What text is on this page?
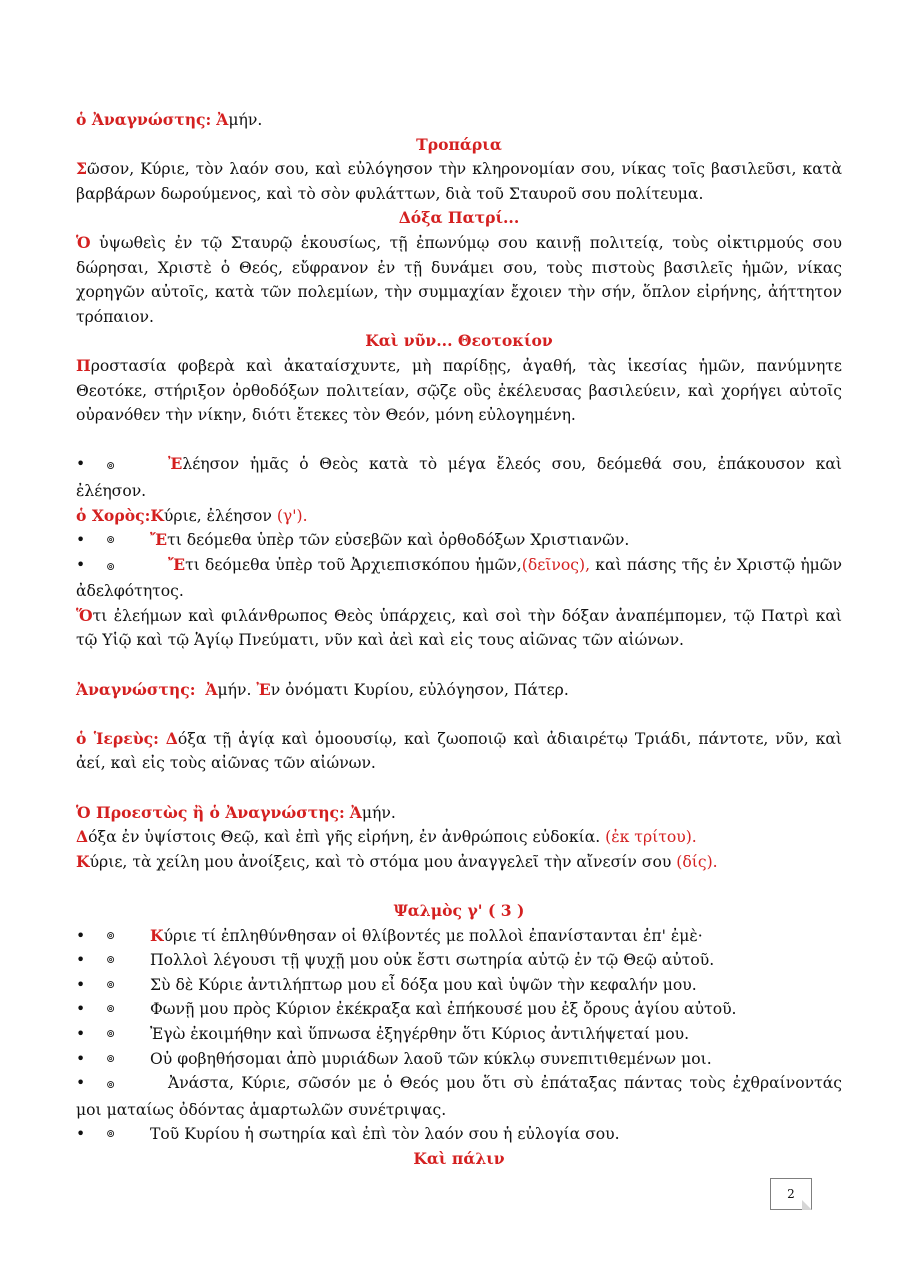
ὁ Ἀναγνώστης: Ἀμήν.

Τροπάρια

Σῶσον, Κύριε, τὸν λαόν σου, καὶ εὐλόγησον τὴν κληρονομίαν σου, νίκας τοῖς βασιλεῦσι, κατὰ βαρβάρων δωρούμενος, καὶ τὸ σὸν φυλάττων, διὰ τοῦ Σταυροῦ σου πολίτευμα.

Δόξα Πατρί...

Ὁ ὑψωθεὶς ἐν τῷ Σταυρῷ ἑκουσίως, τῇ ἐπωνύμῳ σου καινῇ πολιτείᾳ, τοὺς οἰκτιρμούς σου δώρησαι, Χριστὲ ὁ Θεός, εὔφρανον ἐν τῇ δυνάμει σου, τοὺς πιστοὺς βασιλεῖς ἡμῶν, νίκας χορηγῶν αὐτοῖς, κατὰ τῶν πολεμίων, τὴν συμμαχίαν ἔχοιεν τὴν σήν, ὅπλον εἰρήνης, ἀήττητον τρόπαιον.

Καὶ νῦν... Θεοτοκίον

Προστασία φοβερὰ καὶ ἀκαταίσχυντε, μὴ παρίδῃς, ἀγαθή, τὰς ἱκεσίας ἡμῶν, πανύμνητε Θεοτόκε, στήριξον ὀρθοδόξων πολιτείαν, σῷζε οὓς ἐκέλευσας βασιλεύειν, καὶ χορήγει αὐτοῖς οὐρανόθεν τὴν νίκην, διότι ἔτεκες τὸν Θεόν, μόνη εὐλογημένη.

• ⊚	Ἐλέησον ἡμᾶς ὁ Θεὸς κατὰ τὸ μέγα ἔλεός σου, δεόμεθά σου, ἐπάκουσον καὶ ἐλέησον.

ὁ Χορὸς:Kύριε, ἐλέησον (γ').

•	⊚	Ἔτι δεόμεθα ὑπὲρ τῶν εὐσεβῶν καὶ ὀρθοδόξων Χριστιανῶν.

• ⊚	Ἔτι δεόμεθα ὑπὲρ τοῦ Ἀρχιεπισκόπου ἡμῶν,(δεῖνος), καὶ πάσης τῆς ἐν Χριστῷ ἡμῶν ἀδελφότητος.

Ὅτι ἐλεήμων καὶ φιλάνθρωπος Θεὸς ὑπάρχεις, καὶ σοὶ τὴν δόξαν ἀναπέμπομεν, τῷ Πατρὶ καὶ τῷ Υἱῷ καὶ τῷ Ἁγίῳ Πνεύματι, νῦν καὶ ἀεὶ καὶ εἰς τους αἰῶνας τῶν αἰώνων.

Ἀναγνώστης: Ἀμήν. Ἐν ὀνόματι Κυρίου, εὐλόγησον, Πάτερ.

ὁ Ἱερεὺς: Δόξα τῇ ἁγίᾳ καὶ ὁμοουσίῳ, καὶ ζωοποιῷ καὶ ἀδιαιρέτῳ Τριάδι, πάντοτε, νῦν, καὶ ἀεί, καὶ εἰς τοὺς αἰῶνας τῶν αἰώνων.

Ὁ Προεστὼς ἢ ὁ Ἀναγνώστης: Ἀμήν.

Δόξα ἐν ὑψίστοις Θεῷ, καὶ ἐπὶ γῆς εἰρήνη, ἐν ἀνθρώποις εὐδοκία. (ἐκ τρίτου).

Kύριε, τὰ χείλη μου ἀνοίξεις, καὶ τὸ στόμα μου ἀναγγελεῖ τὴν αἴνεσίν σου (δίς).

Ψαλμὸς γ' ( 3 )

•	⊚	Kύριε τί ἐπληθύνθησαν οἱ θλίβοντές με πολλοὶ ἐπανίστανται ἐπ' ἐμὲ·
•	⊚	Πολλοὶ λέγουσι τῇ ψυχῇ μου οὐκ ἔστι σωτηρία αὐτῷ ἐν τῷ Θεῷ αὐτοῦ.
•	⊚	Σὺ δὲ Κύριε ἀντιλήπτωρ μου εἶ δόξα μου καὶ ὑψῶν τὴν κεφαλήν μου.
•	⊚	Φωνῇ μου πρὸς Κύριον ἐκέκραξα καὶ ἐπήκουσέ μου ἐξ ὄρους ἁγίου αὐτοῦ.
•	⊚	Ἐγὼ ἐκοιμήθην καὶ ὕπνωσα ἐξηγέρθην ὅτι Κύριος ἀντιλήψεταί μου.
•	⊚	Οὐ φοβηθήσομαι ἀπὸ μυριάδων λαοῦ τῶν κύκλῳ συνεπιτιθεμένων μοι.

• ⊚	Ἀνάστα, Κύριε, σῶσόν με ὁ Θεός μου ὅτι σὺ ἐπάταξας πάντας τοὺς ἐχθραίνοντάς μοι ματαίως ὀδόντας ἁμαρτωλῶν συνέτριψας.

•	⊚	Τοῦ Κυρίου ἡ σωτηρία καὶ ἐπὶ τὸν λαόν σου ἡ εὐλογία σου.

Καὶ πάλιν

2
